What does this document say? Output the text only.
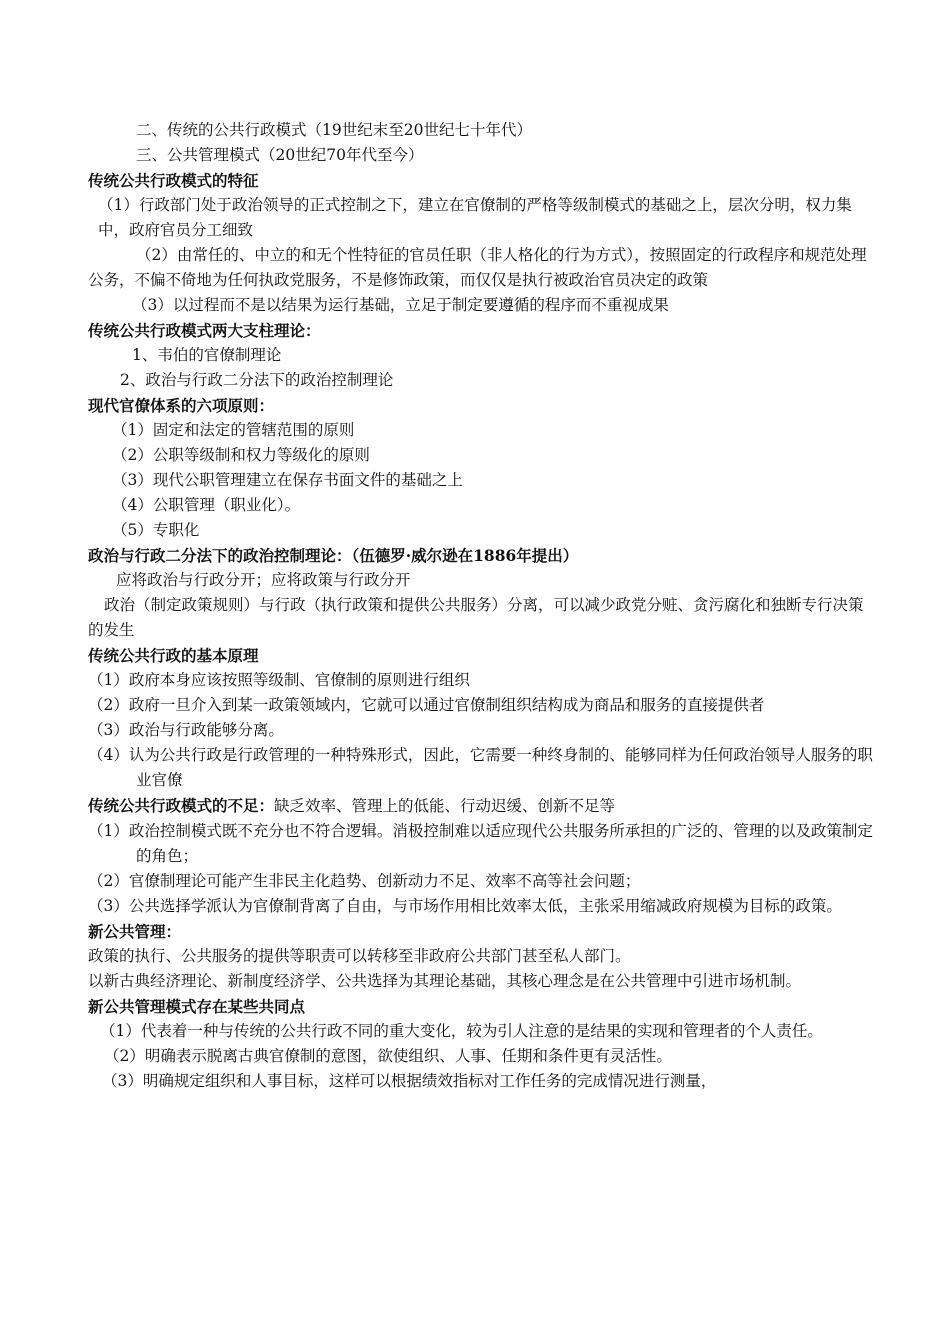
二、传统的公共行政模式（19世纪末至20世纪七十年代）

三、公共管理模式（20世纪70年代至今）

传统公共行政模式的特征

（1）行政部门处于政治领导的正式控制之下，建立在官僚制的严格等级制模式的基础之上，层次分明，权力集中，政府官员分工细致

（2）由常任的、中立的和无个性特征的官员任职（非人格化的行为方式），按照固定的行政程序和规范处理公务，不偏不倚地为任何执政党服务，不是修饰政策，而仅仅是执行被政治官员决定的政策

（3）以过程而不是以结果为运行基础，立足于制定要遵循的程序而不重视成果

传统公共行政模式两大支柱理论：

1、韦伯的官僚制理论

2、政治与行政二分法下的政治控制理论

现代官僚体系的六项原则：

（1）固定和法定的管辖范围的原则

（2）公职等级制和权力等级化的原则

（3）现代公职管理建立在保存书面文件的基础之上

（4）公职管理（职业化）。

（5）专职化

政治与行政二分法下的政治控制理论：（伍德罗·威尔逊在1886年提出）

应将政治与行政分开；应将政策与行政分开

政治（制定政策规则）与行政（执行政策和提供公共服务）分离，可以减少政党分赃、贪污腐化和独断专行决策的发生

传统公共行政的基本原理

（1）政府本身应该按照等级制、官僚制的原则进行组织

（2）政府一旦介入到某一政策领域内，它就可以通过官僚制组织结构成为商品和服务的直接提供者

（3）政治与行政能够分离。

（4）认为公共行政是行政管理的一种特殊形式，因此，它需要一种终身制的、能够同样为任何政治领导人服务的职业官僚

传统公共行政模式的不足：缺乏效率、管理上的低能、行动迟缓、创新不足等

（1）政治控制模式既不充分也不符合逻辑。消极控制难以适应现代公共服务所承担的广泛的、管理的以及政策制定的角色；

（2）官僚制理论可能产生非民主化趋势、创新动力不足、效率不高等社会问题；

（3）公共选择学派认为官僚制背离了自由，与市场作用相比效率太低，主张采用缩减政府规模为目标的政策。

新公共管理：

政策的执行、公共服务的提供等职责可以转移至非政府公共部门甚至私人部门。

以新古典经济理论、新制度经济学、公共选择为其理论基础，其核心理念是在公共管理中引进市场机制。

新公共管理模式存在某些共同点

（1）代表着一种与传统的公共行政不同的重大变化，较为引人注意的是结果的实现和管理者的个人责任。

（2）明确表示脱离古典官僚制的意图，欲使组织、人事、任期和条件更有灵活性。

（3）明确规定组织和人事目标，这样可以根据绩效指标对工作任务的完成情况进行测量，
